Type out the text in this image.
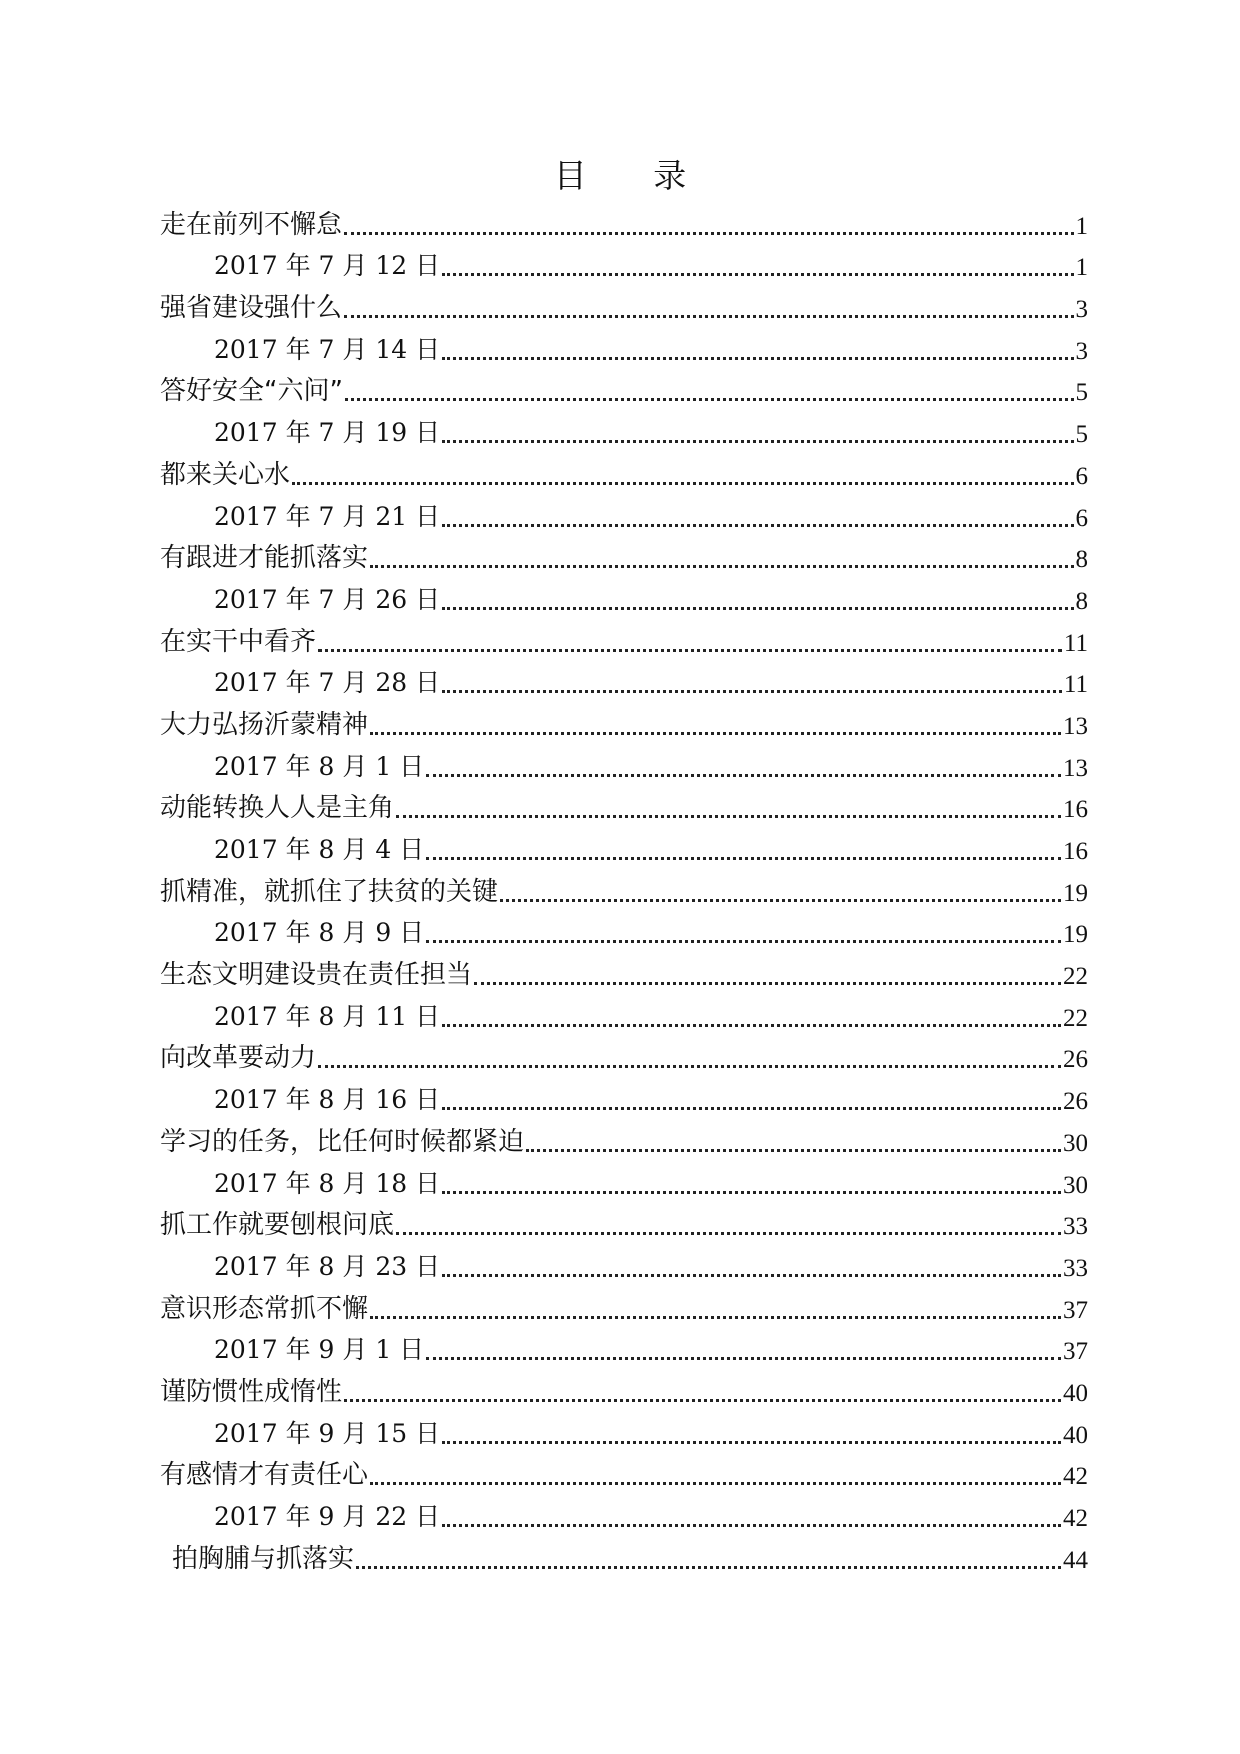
目 录
走在前列不懈怠	1
2017 年 7 月 12 日	1
强省建设强什么	3
2017 年 7 月 14 日	3
答好安全“六问”	5
2017 年 7 月 19 日	5
都来关心水	6
2017 年 7 月 21 日	6
有跟进才能抓落实	8
2017 年 7 月 26 日	8
在实干中看齐	11
2017 年 7 月 28 日	11
大力弘扬沂蒙精神	13
2017 年 8 月 1 日	13
动能转换人人是主角	16
2017 年 8 月 4 日	16
抓精准，就抓住了扶贫的关键	19
2017 年 8 月 9 日	19
生态文明建设贵在责任担当	22
2017 年 8 月 11 日	22
向改革要动力	26
2017 年 8 月 16 日	26
学习的任务，比任何时候都紧迫	30
2017 年 8 月 18 日	30
抓工作就要刨根问底	33
2017 年 8 月 23 日	33
意识形态常抓不懈	37
2017 年 9 月 1 日	37
谨防惯性成惰性	40
2017 年 9 月 15 日	40
有感情才有责任心	42
2017 年 9 月 22 日	42
拍胸脯与抓落实	44
